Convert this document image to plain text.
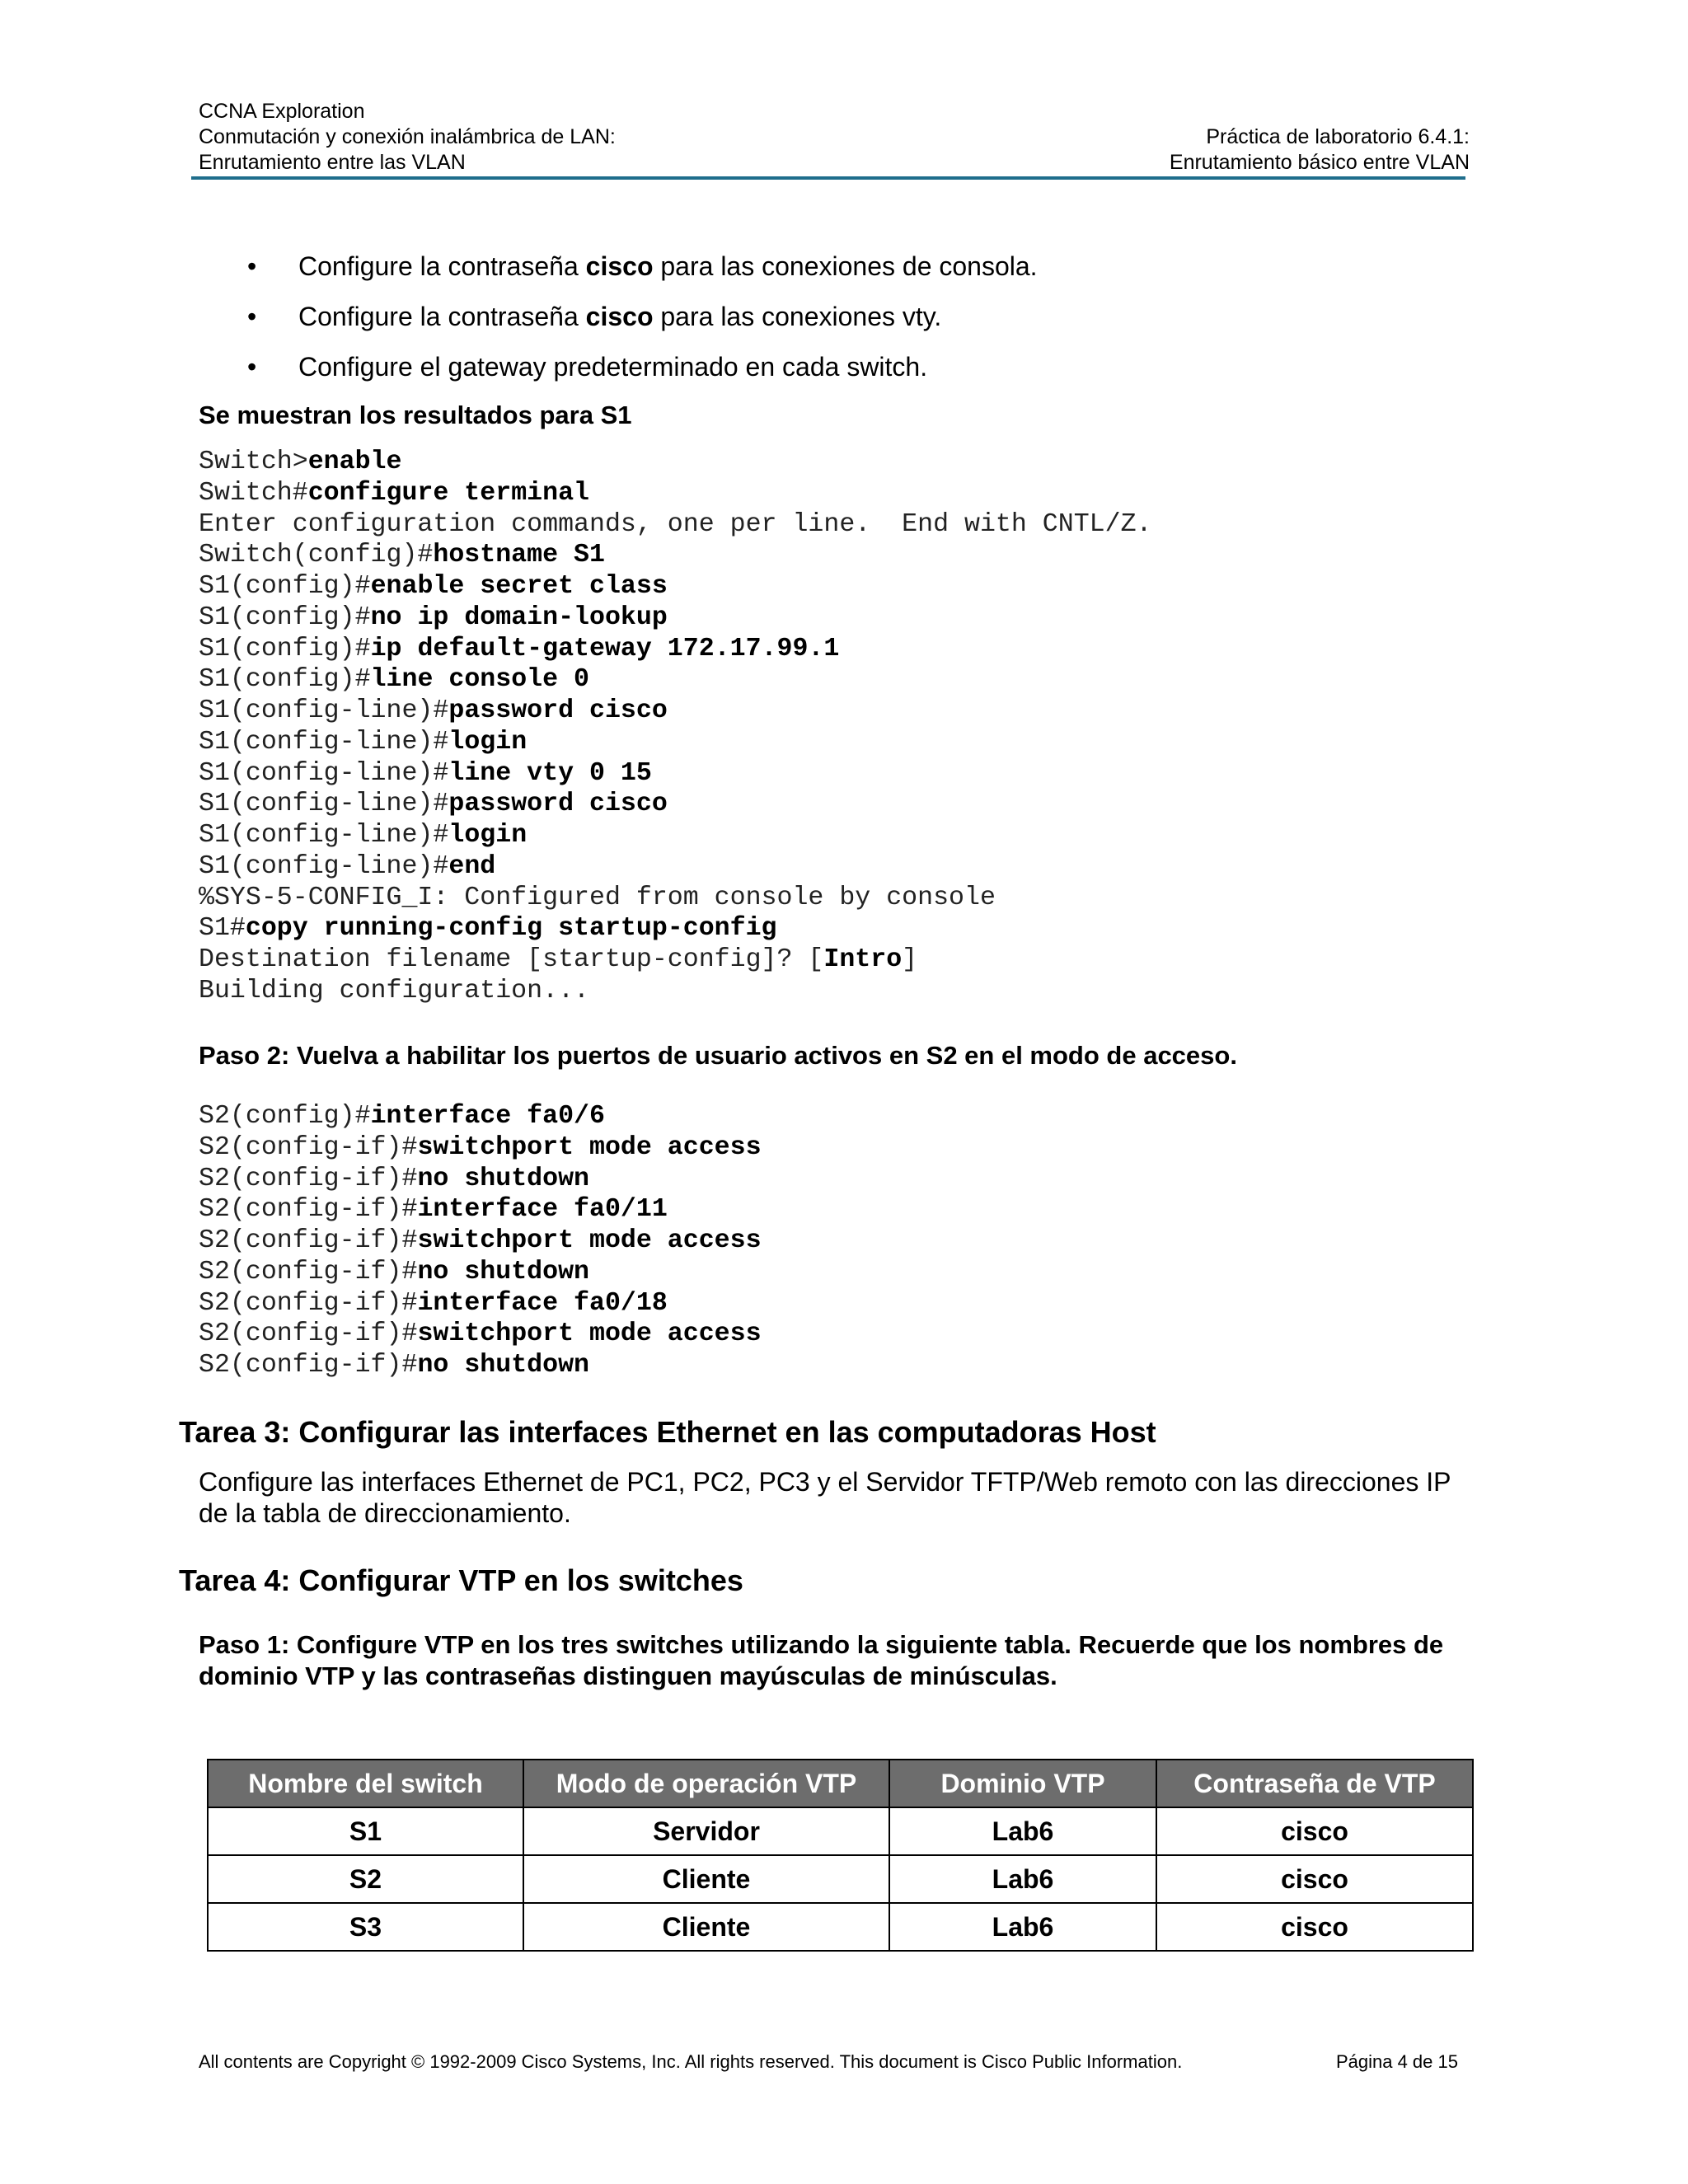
CCNA Exploration
Conmutación y conexión inalámbrica de LAN:
Enrutamiento entre las VLAN
Práctica de laboratorio 6.4.1:
Enrutamiento básico entre VLAN
• Configure la contraseña cisco para las conexiones de consola.
• Configure la contraseña cisco para las conexiones vty.
• Configure el gateway predeterminado en cada switch.
Se muestran los resultados para S1
Switch>enable
Switch#configure terminal
Enter configuration commands, one per line.  End with CNTL/Z.
Switch(config)#hostname S1
S1(config)#enable secret class
S1(config)#no ip domain-lookup
S1(config)#ip default-gateway 172.17.99.1
S1(config)#line console 0
S1(config-line)#password cisco
S1(config-line)#login
S1(config-line)#line vty 0 15
S1(config-line)#password cisco
S1(config-line)#login
S1(config-line)#end
%SYS-5-CONFIG_I: Configured from console by console
S1#copy running-config startup-config
Destination filename [startup-config]? [Intro]
Building configuration...
Paso 2: Vuelva a habilitar los puertos de usuario activos en S2 en el modo de acceso.
S2(config)#interface fa0/6
S2(config-if)#switchport mode access
S2(config-if)#no shutdown
S2(config-if)#interface fa0/11
S2(config-if)#switchport mode access
S2(config-if)#no shutdown
S2(config-if)#interface fa0/18
S2(config-if)#switchport mode access
S2(config-if)#no shutdown
Tarea 3: Configurar las interfaces Ethernet en las computadoras Host
Configure las interfaces Ethernet de PC1, PC2, PC3 y el Servidor TFTP/Web remoto con las direcciones IP de la tabla de direccionamiento.
Tarea 4: Configurar VTP en los switches
Paso 1: Configure VTP en los tres switches utilizando la siguiente tabla. Recuerde que los nombres de dominio VTP y las contraseñas distinguen mayúsculas de minúsculas.
Nombre del switch	Modo de operación VTP	Dominio VTP	Contraseña de VTP
S1	Servidor	Lab6	cisco
S2	Cliente	Lab6	cisco
S3	Cliente	Lab6	cisco
All contents are Copyright © 1992-2009 Cisco Systems, Inc. All rights reserved. This document is Cisco Public Information.	Página 4 de 15
